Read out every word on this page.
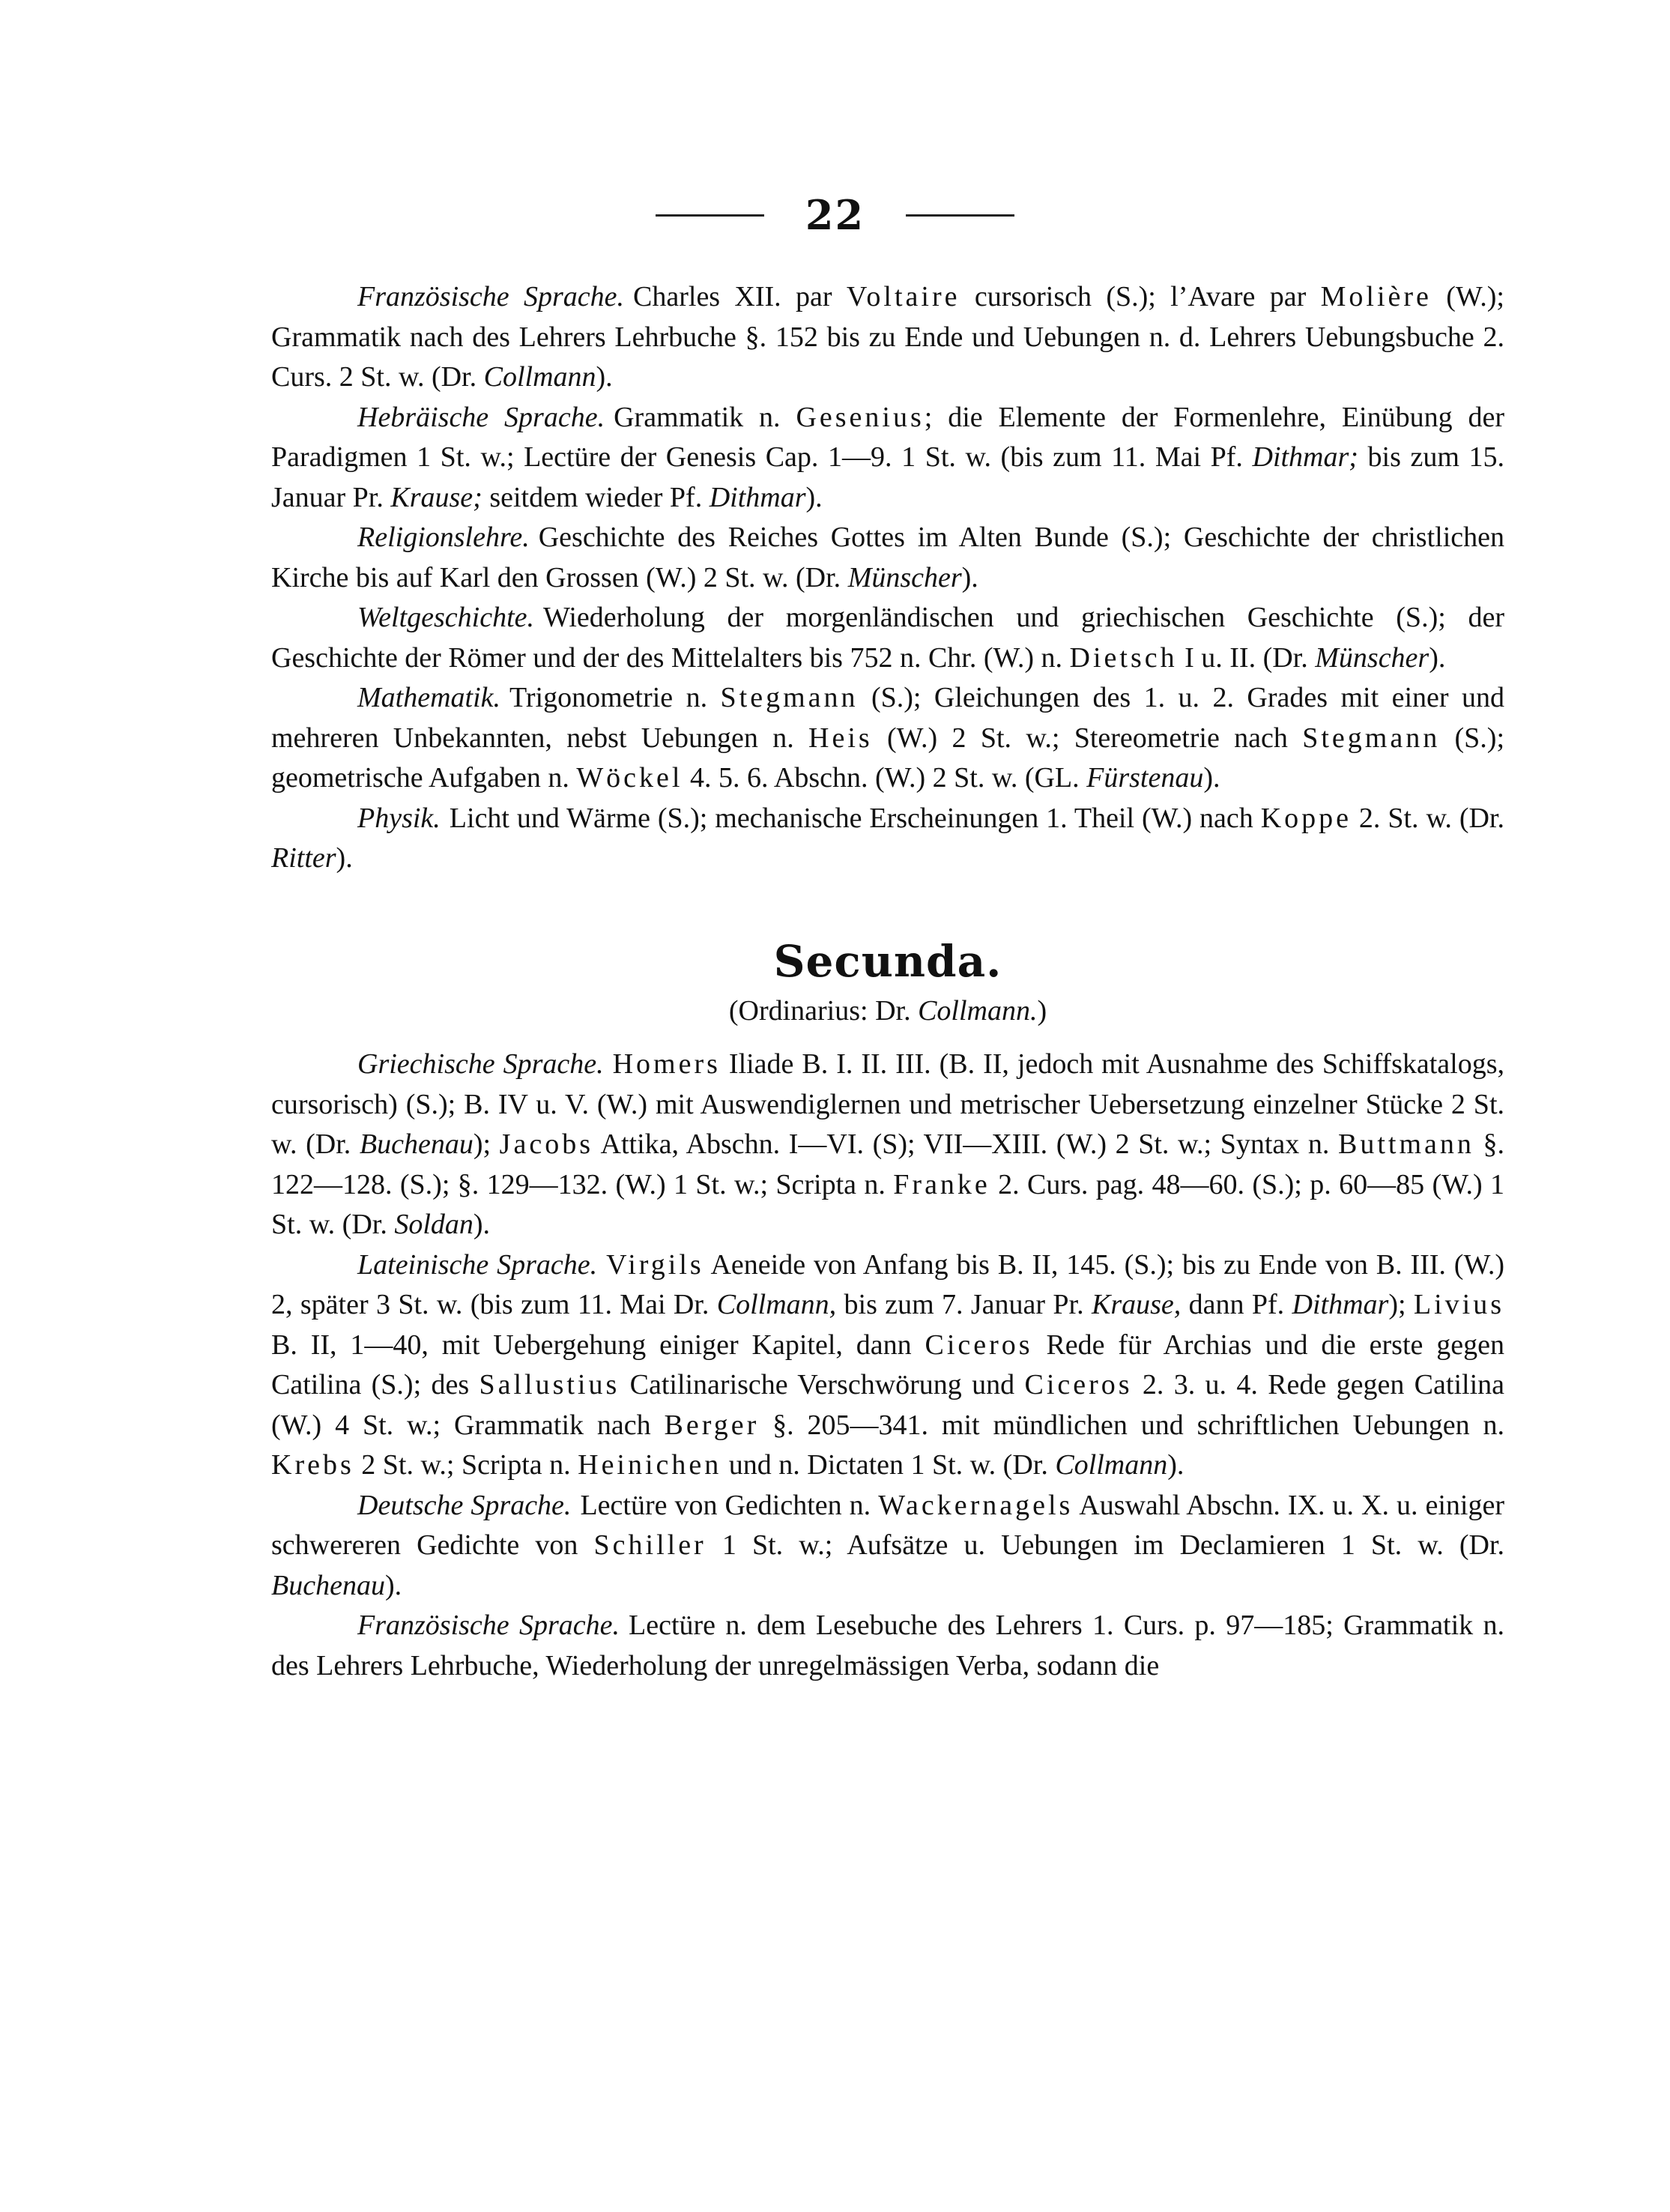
22

Französische Sprache. Charles XII. par Voltaire cursorisch (S.); l’Avare par Molière (W.); Grammatik nach des Lehrers Lehrbuche §. 152 bis zu Ende und Uebungen n. d. Lehrers Uebungsbuche 2. Curs. 2 St. w. (Dr. Collmann).

Hebräische Sprache. Grammatik n. Gesenius; die Elemente der Formenlehre, Einübung der Paradigmen 1 St. w.; Lectüre der Genesis Cap. 1—9. 1 St. w. (bis zum 11. Mai Pf. Dithmar; bis zum 15. Januar Pr. Krause; seitdem wieder Pf. Dithmar).

Religionslehre. Geschichte des Reiches Gottes im Alten Bunde (S.); Geschichte der christlichen Kirche bis auf Karl den Grossen (W.) 2 St. w. (Dr. Münscher).

Weltgeschichte. Wiederholung der morgenländischen und griechischen Geschichte (S.); der Geschichte der Römer und der des Mittelalters bis 752 n. Chr. (W.) n. Dietsch I u. II. (Dr. Münscher).

Mathematik. Trigonometrie n. Stegmann (S.); Gleichungen des 1. u. 2. Grades mit einer und mehreren Unbekannten, nebst Uebungen n. Heis (W.) 2 St. w.; Stereometrie nach Stegmann (S.); geometrische Aufgaben n. Wöckel 4. 5. 6. Abschn. (W.) 2 St. w. (GL. Fürstenau).

Physik. Licht und Wärme (S.); mechanische Erscheinungen 1. Theil (W.) nach Koppe 2. St. w. (Dr. Ritter).

Secunda.

(Ordinarius: Dr. Collmann.)

Griechische Sprache. Homers Iliade B. I. II. III. (B. II, jedoch mit Ausnahme des Schiffskatalogs, cursorisch) (S.); B. IV u. V. (W.) mit Auswendiglernen und metrischer Uebersetzung einzelner Stücke 2 St. w. (Dr. Buchenau); Jacobs Attika, Abschn. I—VI. (S); VII—XIII. (W.) 2 St. w.; Syntax n. Buttmann §. 122—128. (S.); §. 129—132. (W.) 1 St. w.; Scripta n. Franke 2. Curs. pag. 48—60. (S.); p. 60—85 (W.) 1 St. w. (Dr. Soldan).

Lateinische Sprache. Virgils Aeneide von Anfang bis B. II, 145. (S.); bis zu Ende von B. III. (W.) 2, später 3 St. w. (bis zum 11. Mai Dr. Collmann, bis zum 7. Januar Pr. Krause, dann Pf. Dithmar); Livius B. II, 1—40, mit Uebergehung einiger Kapitel, dann Ciceros Rede für Archias und die erste gegen Catilina (S.); des Sallustius Catilinarische Verschwörung und Ciceros 2. 3. u. 4. Rede gegen Catilina (W.) 4 St. w.; Grammatik nach Berger §. 205—341. mit mündlichen und schriftlichen Uebungen n. Krebs 2 St. w.; Scripta n. Heinichen und n. Dictaten 1 St. w. (Dr. Collmann).

Deutsche Sprache. Lectüre von Gedichten n. Wackernagels Auswahl Abschn. IX. u. X. u. einiger schwereren Gedichte von Schiller 1 St. w.; Aufsätze u. Uebungen im Declamieren 1 St. w. (Dr. Buchenau).

Französische Sprache. Lectüre n. dem Lesebuche des Lehrers 1. Curs. p. 97—185; Grammatik n. des Lehrers Lehrbuche, Wiederholung der unregelmässigen Verba, sodann die
